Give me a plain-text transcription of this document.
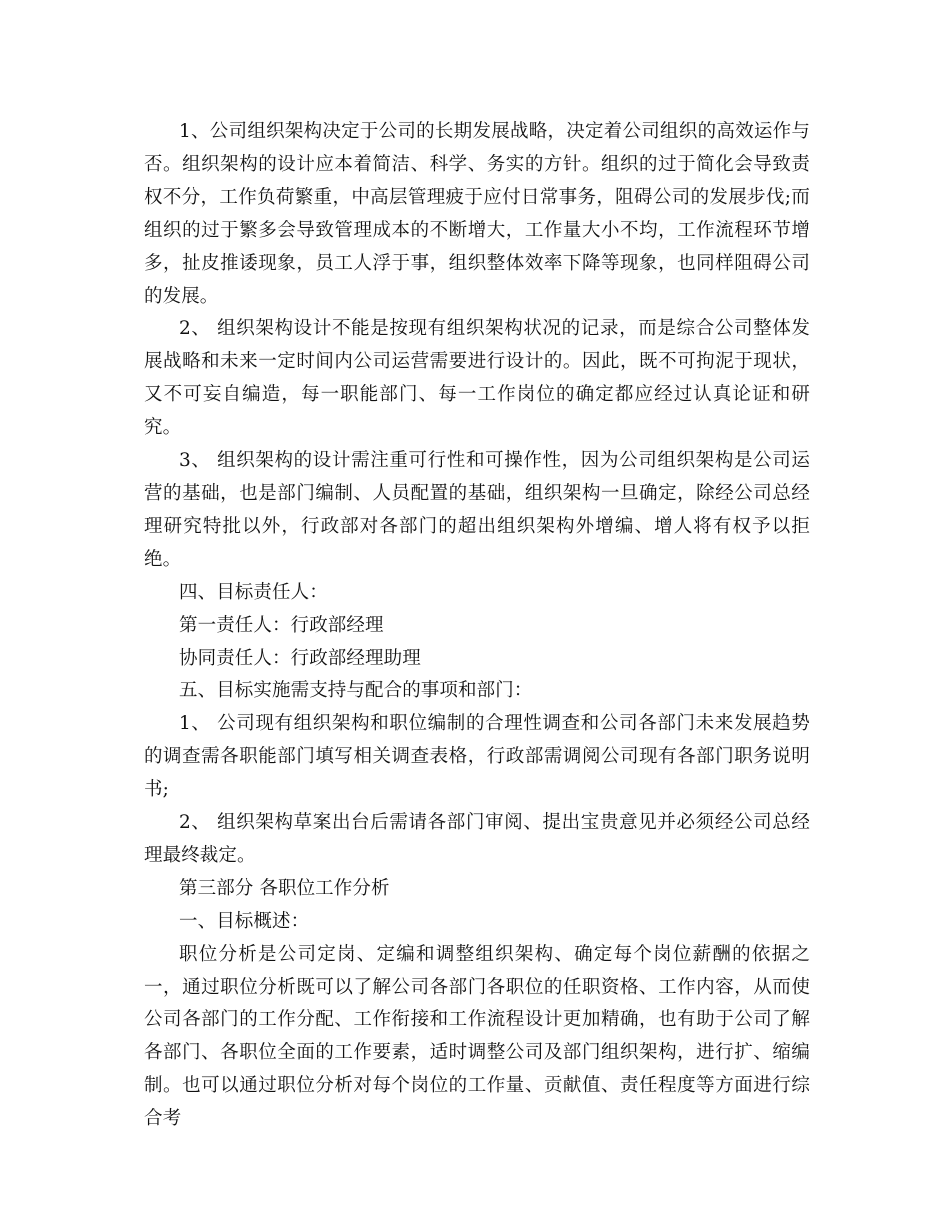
1、公司组织架构决定于公司的长期发展战略，决定着公司组织的高效运作与否。组织架构的设计应本着简洁、科学、务实的方针。组织的过于简化会导致责权不分，工作负荷繁重，中高层管理疲于应付日常事务，阻碍公司的发展步伐;而组织的过于繁多会导致管理成本的不断增大，工作量大小不均，工作流程环节增多，扯皮推诿现象，员工人浮于事，组织整体效率下降等现象，也同样阻碍公司的发展。

2、 组织架构设计不能是按现有组织架构状况的记录，而是综合公司整体发展战略和未来一定时间内公司运营需要进行设计的。因此，既不可拘泥于现状，又不可妄自编造，每一职能部门、每一工作岗位的确定都应经过认真论证和研究。

3、 组织架构的设计需注重可行性和可操作性，因为公司组织架构是公司运营的基础，也是部门编制、人员配置的基础，组织架构一旦确定，除经公司总经理研究特批以外，行政部对各部门的超出组织架构外增编、增人将有权予以拒绝。

四、目标责任人：

第一责任人：行政部经理

协同责任人：行政部经理助理

五、目标实施需支持与配合的事项和部门：

1、 公司现有组织架构和职位编制的合理性调查和公司各部门未来发展趋势的调查需各职能部门填写相关调查表格，行政部需调阅公司现有各部门职务说明书;

2、 组织架构草案出台后需请各部门审阅、提出宝贵意见并必须经公司总经理最终裁定。

第三部分 各职位工作分析

一、目标概述：

职位分析是公司定岗、定编和调整组织架构、确定每个岗位薪酬的依据之一，通过职位分析既可以了解公司各部门各职位的任职资格、工作内容，从而使公司各部门的工作分配、工作衔接和工作流程设计更加精确，也有助于公司了解各部门、各职位全面的工作要素，适时调整公司及部门组织架构，进行扩、缩编制。也可以通过职位分析对每个岗位的工作量、贡献值、责任程度等方面进行综合考
